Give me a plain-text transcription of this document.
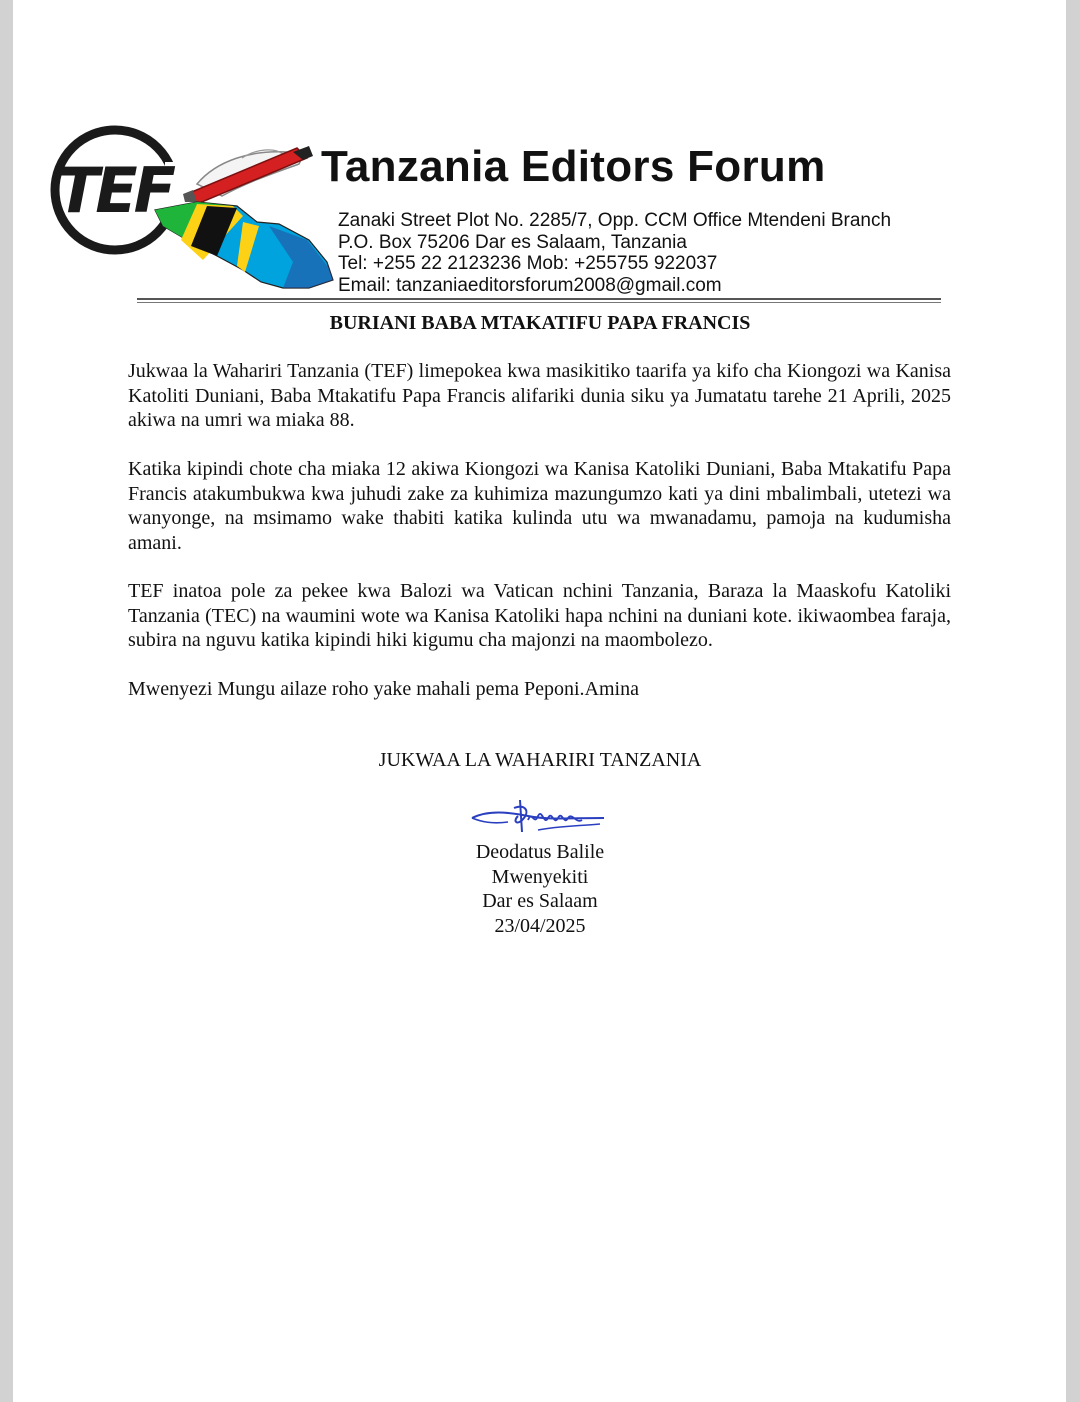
TEF	Tanzania Editors Forum
Zanaki Street Plot No. 2285/7, Opp. CCM Office Mtendeni Branch
P.O. Box 75206 Dar es Salaam, Tanzania
Tel: +255 22 2123236 Mob: +255755 922037
Email: tanzaniaeditorsforum2008@gmail.com
BURIANI BABA MTAKATIFU PAPA FRANCIS
Jukwaa la Wahariri Tanzania (TEF) limepokea kwa masikitiko taarifa ya kifo cha Kiongozi wa Kanisa Katoliti Duniani, Baba Mtakatifu Papa Francis alifariki dunia siku ya Jumatatu tarehe 21 Aprili, 2025 akiwa na umri wa miaka 88.
Katika kipindi chote cha miaka 12 akiwa Kiongozi wa Kanisa Katoliki Duniani, Baba Mtakatifu Papa Francis atakumbukwa kwa juhudi zake za kuhimiza mazungumzo kati ya dini mbalimbali, utetezi wa wanyonge, na msimamo wake thabiti katika kulinda utu wa mwanadamu, pamoja na kudumisha amani.
TEF inatoa pole za pekee kwa Balozi wa Vatican nchini Tanzania, Baraza la Maaskofu Katoliki Tanzania (TEC) na waumini wote wa Kanisa Katoliki hapa nchini na duniani kote. ikiwaombea faraja, subira na nguvu katika kipindi hiki kigumu cha majonzi na maombolezo.
Mwenyezi Mungu ailaze roho yake mahali pema Peponi.Amina
JUKWAA LA WAHARIRI TANZANIA
Deodatus Balile
Mwenyekiti
Dar es Salaam
23/04/2025
